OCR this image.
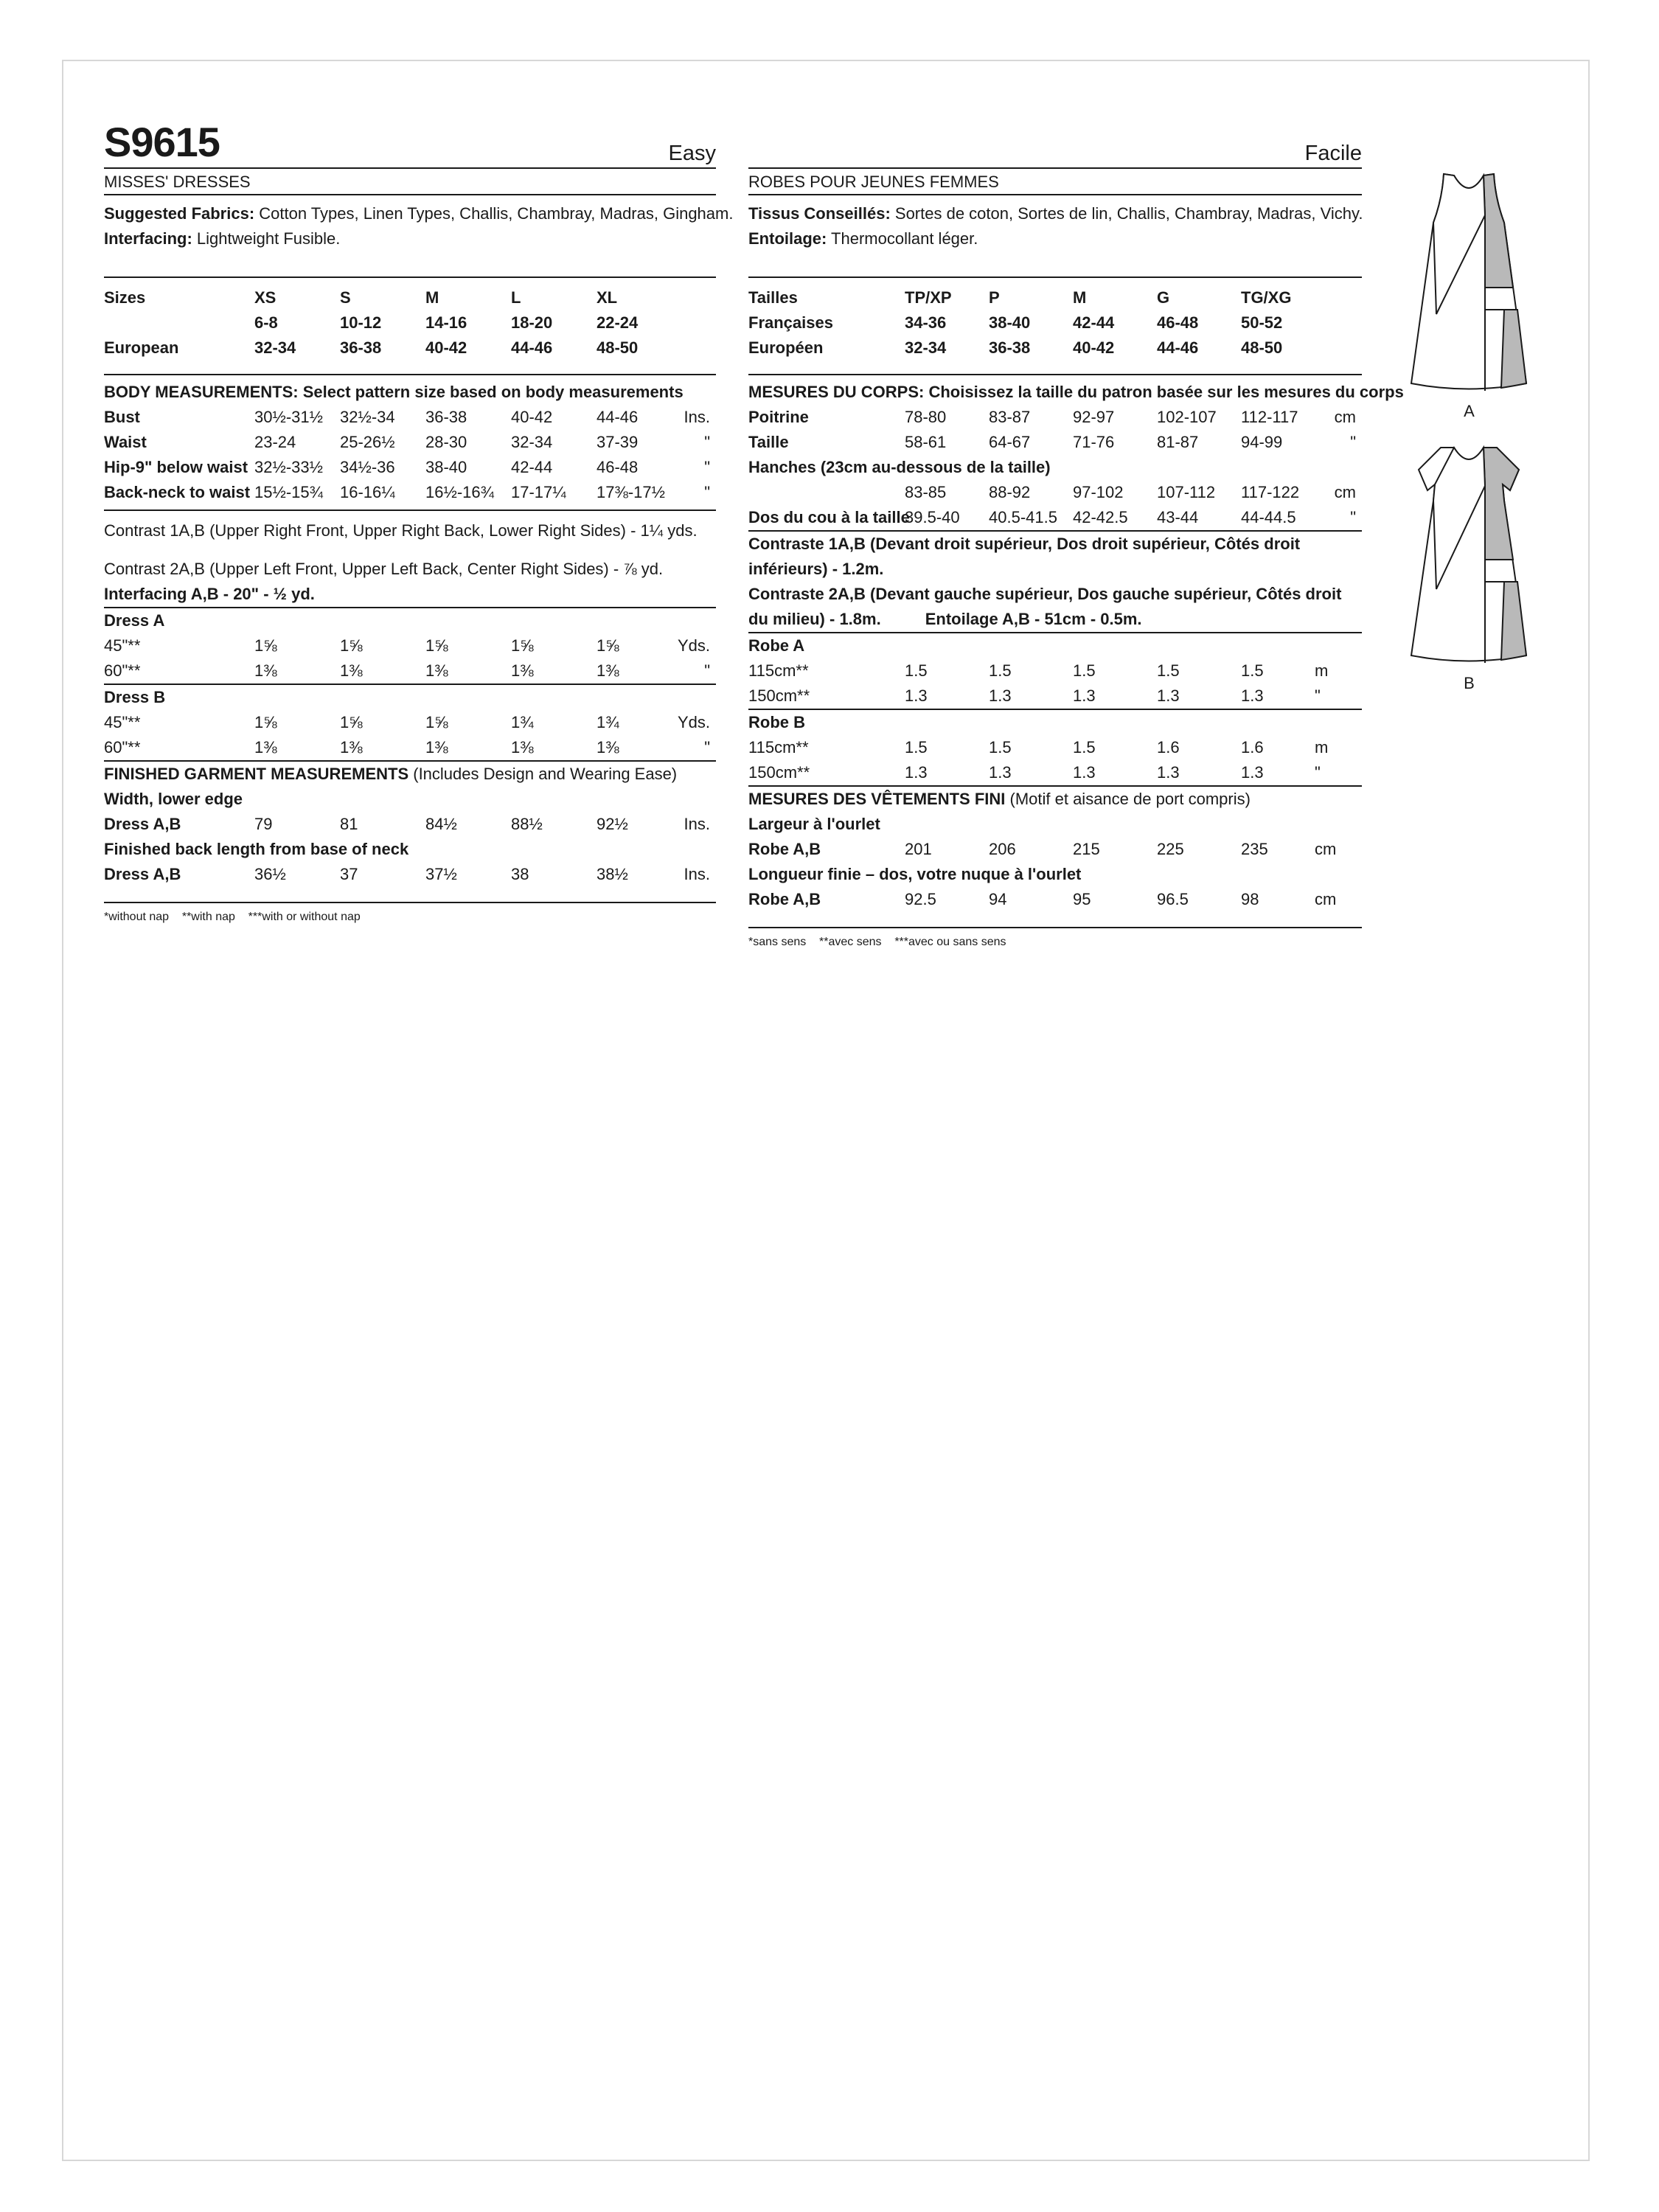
S9615	Easy
MISSES' DRESSES
Suggested Fabrics: Cotton Types, Linen Types, Challis, Chambray, Madras, Gingham.
Interfacing: Lightweight Fusible.
Sizes	XS	S	M	L	XL
	6-8	10-12	14-16	18-20	22-24
European	32-34	36-38	40-42	44-46	48-50
BODY MEASUREMENTS: Select pattern size based on body measurements
Bust	30½-31½	32½-34	36-38	40-42	44-46	Ins.
Waist	23-24	25-26½	28-30	32-34	37-39	"
Hip-9" below waist	32½-33½	34½-36	38-40	42-44	46-48	"
Back-neck to waist	15½-15¾	16-16¼	16½-16¾	17-17¼	17⅜-17½	"
Contrast 1A,B (Upper Right Front, Upper Right Back, Lower Right Sides) - 1¼ yds.
Contrast 2A,B (Upper Left Front, Upper Left Back, Center Right Sides) - ⅞ yd.
Interfacing A,B - 20" - ½ yd.
Dress A
45"**	1⅝	1⅝	1⅝	1⅝	1⅝	Yds.
60"**	1⅜	1⅜	1⅜	1⅜	1⅜	"
Dress B
45"**	1⅝	1⅝	1⅝	1¾	1¾	Yds.
60"**	1⅜	1⅜	1⅜	1⅜	1⅜	"
FINISHED GARMENT MEASUREMENTS (Includes Design and Wearing Ease)
Width, lower edge
Dress A,B	79	81	84½	88½	92½	Ins.
Finished back length from base of neck
Dress A,B	36½	37	37½	38	38½	Ins.
*without nap    **with nap    ***with or without nap
Facile
ROBES POUR JEUNES FEMMES
Tissus Conseillés: Sortes de coton, Sortes de lin, Challis, Chambray, Madras, Vichy.
Entoilage: Thermocollant léger.
Tailles	TP/XP	P	M	G	TG/XG
Françaises	34-36	38-40	42-44	46-48	50-52
Européen	32-34	36-38	40-42	44-46	48-50
MESURES DU CORPS: Choisissez la taille du patron basée sur les mesures du corps
Poitrine	78-80	83-87	92-97	102-107	112-117	cm
Taille	58-61	64-67	71-76	81-87	94-99	"
Hanches (23cm au-dessous de la taille)
	83-85	88-92	97-102	107-112	117-122	cm
Dos du cou à la taille	39.5-40	40.5-41.5	42-42.5	43-44	44-44.5	"
Contraste 1A,B (Devant droit supérieur, Dos droit supérieur, Côtés droit inférieurs) - 1.2m.
Contraste 2A,B (Devant gauche supérieur, Dos gauche supérieur, Côtés droit du milieu) - 1.8m.	Entoilage A,B - 51cm - 0.5m.
Robe A
115cm**	1.5	1.5	1.5	1.5	1.5	m
150cm**	1.3	1.3	1.3	1.3	1.3	"
Robe B
115cm**	1.5	1.5	1.5	1.6	1.6	m
150cm**	1.3	1.3	1.3	1.3	1.3	"
MESURES DES VÊTEMENTS FINI (Motif et aisance de port compris)
Largeur à l'ourlet
Robe A,B	201	206	215	225	235	cm
Longueur finie – dos, votre nuque à l'ourlet
Robe A,B	92.5	94	95	96.5	98	cm
*sans sens    **avec sens    ***avec ou sans sens
A
B
